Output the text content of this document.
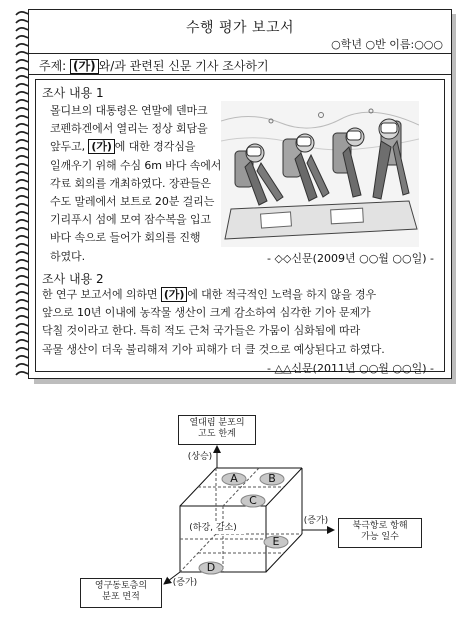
수행 평가 보고서
○학년 ○반 이름:○○○
주제: (가) 와/과 관련된 신문 기사 조사하기
조사 내용 1
몰디브의 대통령은 연말에 덴마크
코펜하겐에서 열리는 정상 회담을
앞두고, (가) 에 대한 경각심을
일깨우기 위해 수심 6m 바다 속에서
각료 회의를 개최하였다. 장관들은
수도 말레에서 보트로 20분 걸리는
기리푸시 섬에 모여 잠수복을 입고
바다 속으로 들어가 회의를 진행
하였다.	- ◇◇신문(2009년 ○○월 ○○일) -
조사 내용 2
한 연구 보고서에 의하면 (가) 에 대한 적극적인 노력을 하지 않을 경우
앞으로 10년 이내에 농작물 생산이 크게 감소하여 심각한 기아 문제가
닥칠 것이라고 한다. 특히 적도 근처 국가들은 가뭄이 심화됨에 따라
곡물 생산이 더욱 불리해져 기아 피해가 더 클 것으로 예상된다고 하였다.
- △△신문(2011년 ○○월 ○○일) -
A	B
C
D
E
열대림 분포의
고도 한계
(상승)
북극항로 항해
가능 일수
(증가)
영구동토층의
분포 면적
(증가)
(하강, 감소)
